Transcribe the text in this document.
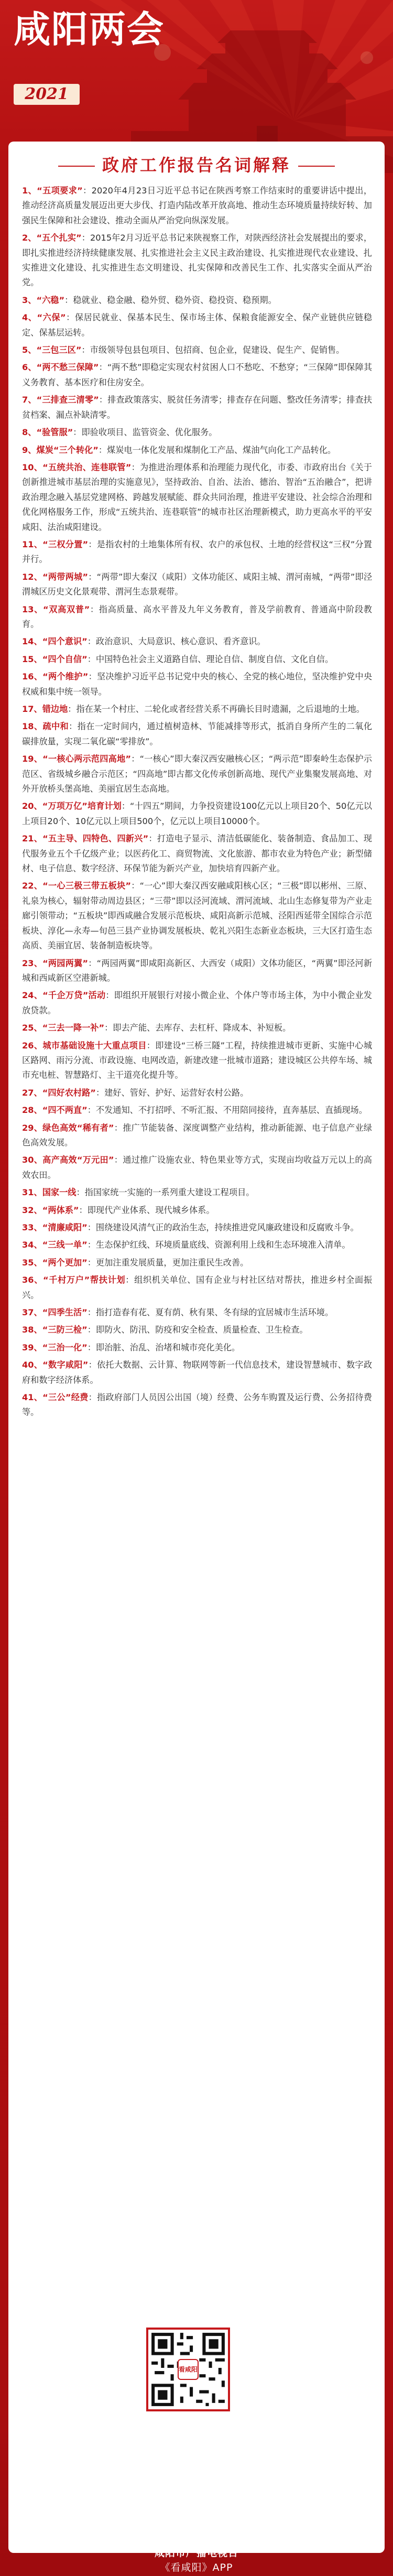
咸阳两会
2021
政府工作报告名词解释

1、“五项要求”：2020年4月23日习近平总书记在陕西考察工作结束时的重要讲话中提出，推动经济高质量发展迈出更大步伐、打造内陆改革开放高地、推动生态环境质量持续好转、加强民生保障和社会建设、推动全面从严治党向纵深发展。

2、“五个扎实”：2015年2月习近平总书记来陕视察工作，对陕西经济社会发展提出的要求，即扎实推进经济持续健康发展、扎实推进社会主义民主政治建设、扎实推进现代农业建设、扎实推进文化建设、扎实推进生态文明建设、扎实保障和改善民生工作、扎实落实全面从严治党。

3、“六稳”：稳就业、稳金融、稳外贸、稳外资、稳投资、稳预期。

4、“六保”：保居民就业、保基本民生、保市场主体、保粮食能源安全、保产业链供应链稳定、保基层运转。

5、“三包三区”：市级领导包县包项目、包招商、包企业，促建设、促生产、促销售。

6、“两不愁三保障”：“两不愁”即稳定实现农村贫困人口不愁吃、不愁穿；“三保障”即保障其义务教育、基本医疗和住房安全。

7、“三排查三清零”：排查政策落实、脱贫任务清零；排查存在问题、整改任务清零；排查扶贫档案、漏点补缺清零。

8、“验管服”：即验收项目、监管资金、优化服务。

9、煤炭“三个转化”：煤炭电一体化发展和煤制化工产品、煤油气向化工产品转化。

10、“五统共治、连巷联管”：为推进治理体系和治理能力现代化，市委、市政府出台《关于创新推进城市基层治理的实施意见》，坚持政治、自治、法治、德治、智治“五治融合”，把讲政治理念融入基层党建网格、跨越发展赋能、群众共同治理，推进平安建设、社会综合治理和优化网格服务工作，形成“五统共治、连巷联管”的城市社区治理新模式，助力更高水平的平安咸阳、法治咸阳建设。

11、“三权分置”：是指农村的土地集体所有权、农户的承包权、土地的经营权这“三权”分置并行。

12、“两带两城”：“两带”即大秦汉（咸阳）文体功能区、咸阳主城、渭河南城，“两带”即泾渭城区历史文化景观带、渭河生态景观带。

13、“双高双普”：指高质量、高水平普及九年义务教育，普及学前教育、普通高中阶段教育。

14、“四个意识”：政治意识、大局意识、核心意识、看齐意识。

15、“四个自信”：中国特色社会主义道路自信、理论自信、制度自信、文化自信。

16、“两个维护”：坚决维护习近平总书记党中央的核心、全党的核心地位，坚决维护党中央权威和集中统一领导。

17、错边地：指在某一个村庄、二轮化或者经营关系不再确长目时遗漏，之后退地的土地。

18、疏中和：指在一定时间内，通过植树造林、节能减排等形式，抵消自身所产生的二氧化碳排放量，实现二氧化碳“零排放”。

19、“一核心两示范四高地”：“一核心”即大秦汉西安融核心区；“两示范”即秦岭生态保护示范区、省级城乡融合示范区；“四高地”即古都文化传承创新高地、现代产业集聚发展高地、对外开放桥头堡高地、美丽宜居生态高地。

20、“万项万亿”培育计划：“十四五”期间，力争投资建设100亿元以上项目20个、50亿元以上项目20个、10亿元以上项目500个，亿元以上项目10000个。

21、“五主导、四特色、四新兴”：打造电子显示、清洁低碳能化、装备制造、食品加工、现代服务业五个千亿级产业；以医药化工、商贸物流、文化旅游、都市农业为特色产业；新型储材、电子信息、数字经济、环保节能为新兴产业，加快培育四新产业。

22、“一心三极三带五板块”：“一心”即大秦汉西安融咸阳核心区；“三极”即以彬州、三原、礼泉为核心，辐射带动周边县区；“三带”即以泾河流域、渭河流域、北山生态修复带为产业走廊引领带动；“五板块”即西咸融合发展示范板块、咸阳高新示范城、泾阳西延带全国综合示范板块、淳化—永寿—旬邑三县产业协调发展板块、乾礼兴阳生态新业态板块，三大区打造生态高质、美丽宜居、装备制造板块等。

23、“两园两翼”：“两园两翼”即咸阳高新区、大西安（咸阳）文体功能区，“两翼”即泾河新城和西咸新区空港新城。

24、“千企万贷”活动：即组织开展银行对接小微企业、个体户等市场主体，为中小微企业发放贷款。

25、“三去一降一补”：即去产能、去库存、去杠杆、降成本、补短板。

26、城市基础设施十大重点项目：即建设“三桥三隧”工程，持续推进城市更新、实施中心城区路网、雨污分流、市政设施、电网改造，新建改建一批城市道路；建设城区公共停车场、城市充电桩、智慧路灯、主干道亮化提升等。

27、“四好农村路”：建好、管好、护好、运营好农村公路。

28、“四不两直”：不发通知、不打招呼、不听汇报、不用陪同接待，直奔基层、直插现场。

29、绿色高效“稀有者”：推广节能装备、深度调整产业结构，推动新能源、电子信息产业绿色高效发展。

30、高产高效“万元田”：通过推广设施农业、特色果业等方式，实现亩均收益万元以上的高效农田。

31、国家一线：指国家统一实施的一系列重大建设工程项目。

32、“两体系”：即现代产业体系、现代城乡体系。

33、“清廉咸阳”：围绕建设风清气正的政治生态，持续推进党风廉政建设和反腐败斗争。

34、“三线一单”：生态保护红线、环境质量底线、资源利用上线和生态环境准入清单。

35、“两个更加”：更加注重发展质量，更加注重民生改善。

36、“千村万户”帮扶计划：组织机关单位、国有企业与村社区结对帮扶，推进乡村全面振兴。

37、“四季生活”：指打造春有花、夏有荫、秋有果、冬有绿的宜居城市生活环境。

38、“三防三检”：即防火、防汛、防疫和安全检查、质量检查、卫生检查。

39、“三治一化”：即治脏、治乱、治堵和城市亮化美化。

40、“数字咸阳”：依托大数据、云计算、物联网等新一代信息技术，建设智慧城市、数字政府和数字经济体系。

41、“三公”经费：指政府部门人员因公出国（境）经费、公务车购置及运行费、公务招待费等。

看咸阳
咸阳市广播电视台
《看咸阳》APP
